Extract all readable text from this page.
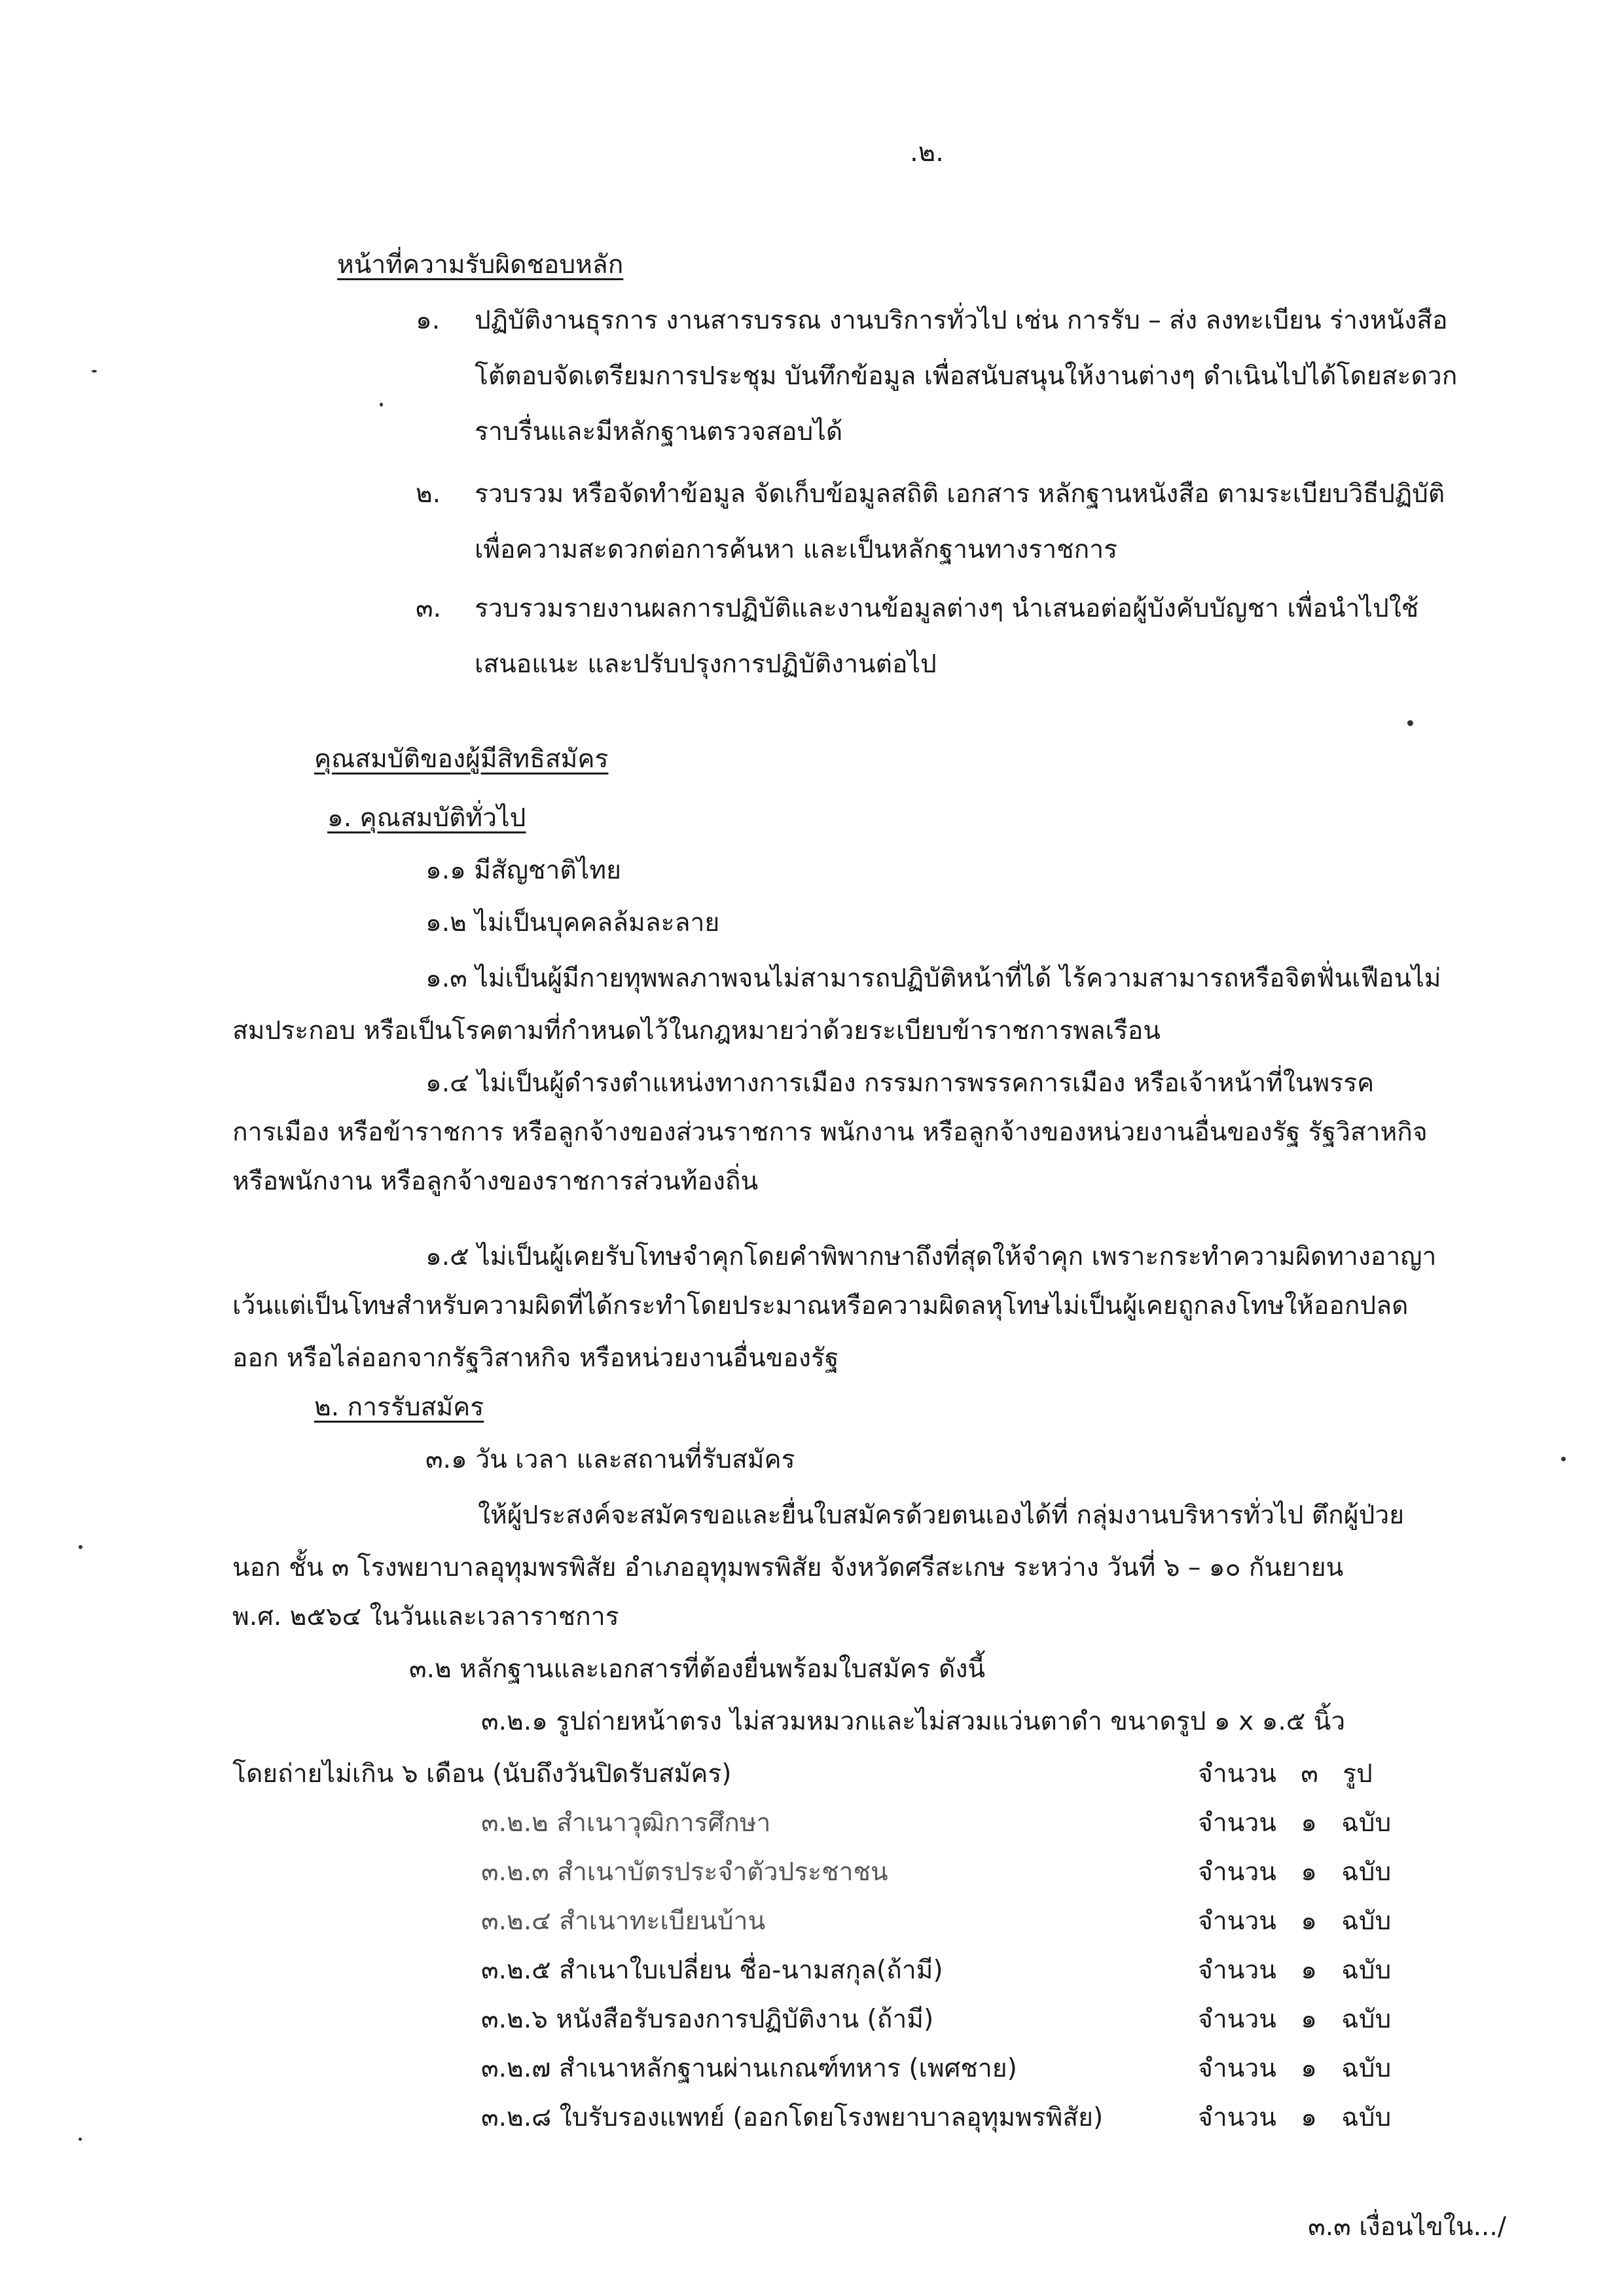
.๒.
หน้าที่ความรับผิดชอบหลัก
๑. ปฏิบัติงานธุรการ งานสารบรรณ งานบริการทั่วไป เช่น การรับ – ส่ง ลงทะเบียน ร่างหนังสือ
โต้ตอบจัดเตรียมการประชุม บันทึกข้อมูล เพื่อสนับสนุนให้งานต่างๆ ดำเนินไปได้โดยสะดวก
ราบรื่นและมีหลักฐานตรวจสอบได้
๒. รวบรวม หรือจัดทำข้อมูล จัดเก็บข้อมูลสถิติ เอกสาร หลักฐานหนังสือ ตามระเบียบวิธีปฏิบัติ
เพื่อความสะดวกต่อการค้นหา และเป็นหลักฐานทางราชการ
๓. รวบรวมรายงานผลการปฏิบัติและงานข้อมูลต่างๆ นำเสนอต่อผู้บังคับบัญชา เพื่อนำไปใช้
เสนอแนะ และปรับปรุงการปฏิบัติงานต่อไป
คุณสมบัติของผู้มีสิทธิสมัคร
๑. คุณสมบัติทั่วไป
๑.๑ มีสัญชาติไทย
๑.๒ ไม่เป็นบุคคลล้มละลาย
๑.๓ ไม่เป็นผู้มีกายทุพพลภาพจนไม่สามารถปฏิบัติหน้าที่ได้ ไร้ความสามารถหรือจิตฟั่นเฟือนไม่
สมประกอบ หรือเป็นโรคตามที่กำหนดไว้ในกฎหมายว่าด้วยระเบียบข้าราชการพลเรือน
๑.๔ ไม่เป็นผู้ดำรงตำแหน่งทางการเมือง กรรมการพรรคการเมือง หรือเจ้าหน้าที่ในพรรค
การเมือง หรือข้าราชการ หรือลูกจ้างของส่วนราชการ พนักงาน หรือลูกจ้างของหน่วยงานอื่นของรัฐ รัฐวิสาหกิจ
หรือพนักงาน หรือลูกจ้างของราชการส่วนท้องถิ่น
๑.๕ ไม่เป็นผู้เคยรับโทษจำคุกโดยคำพิพากษาถึงที่สุดให้จำคุก เพราะกระทำความผิดทางอาญา
เว้นแต่เป็นโทษสำหรับความผิดที่ได้กระทำโดยประมาณหรือความผิดลหุโทษไม่เป็นผู้เคยถูกลงโทษให้ออกปลด
ออก หรือไล่ออกจากรัฐวิสาหกิจ หรือหน่วยงานอื่นของรัฐ
๒. การรับสมัคร
๓.๑ วัน เวลา และสถานที่รับสมัคร
ให้ผู้ประสงค์จะสมัครขอและยื่นใบสมัครด้วยตนเองได้ที่ กลุ่มงานบริหารทั่วไป ตึกผู้ป่วย
นอก ชั้น ๓ โรงพยาบาลอุทุมพรพิสัย อำเภออุทุมพรพิสัย จังหวัดศรีสะเกษ ระหว่าง วันที่ ๖ – ๑๐ กันยายน
พ.ศ. ๒๕๖๔ ในวันและเวลาราชการ
๓.๒ หลักฐานและเอกสารที่ต้องยื่นพร้อมใบสมัคร ดังนี้
๓.๒.๑ รูปถ่ายหน้าตรง ไม่สวมหมวกและไม่สวมแว่นตาดำ ขนาดรูป ๑ x ๑.๕ นิ้ว
โดยถ่ายไม่เกิน ๖ เดือน (นับถึงวันปิดรับสมัคร)	จำนวน ๓ รูป
๓.๒.๒ สำเนาวุฒิการศึกษา	จำนวน ๑ ฉบับ
๓.๒.๓ สำเนาบัตรประจำตัวประชาชน	จำนวน ๑ ฉบับ
๓.๒.๔ สำเนาทะเบียนบ้าน	จำนวน ๑ ฉบับ
๓.๒.๕ สำเนาใบเปลี่ยน ชื่อ-นามสกุล(ถ้ามี)	จำนวน ๑ ฉบับ
๓.๒.๖ หนังสือรับรองการปฏิบัติงาน (ถ้ามี)	จำนวน ๑ ฉบับ
๓.๒.๗ สำเนาหลักฐานผ่านเกณฑ์ทหาร (เพศชาย)	จำนวน ๑ ฉบับ
๓.๒.๘ ใบรับรองแพทย์ (ออกโดยโรงพยาบาลอุทุมพรพิสัย)	จำนวน ๑ ฉบับ
๓.๓ เงื่อนไขใน.../
